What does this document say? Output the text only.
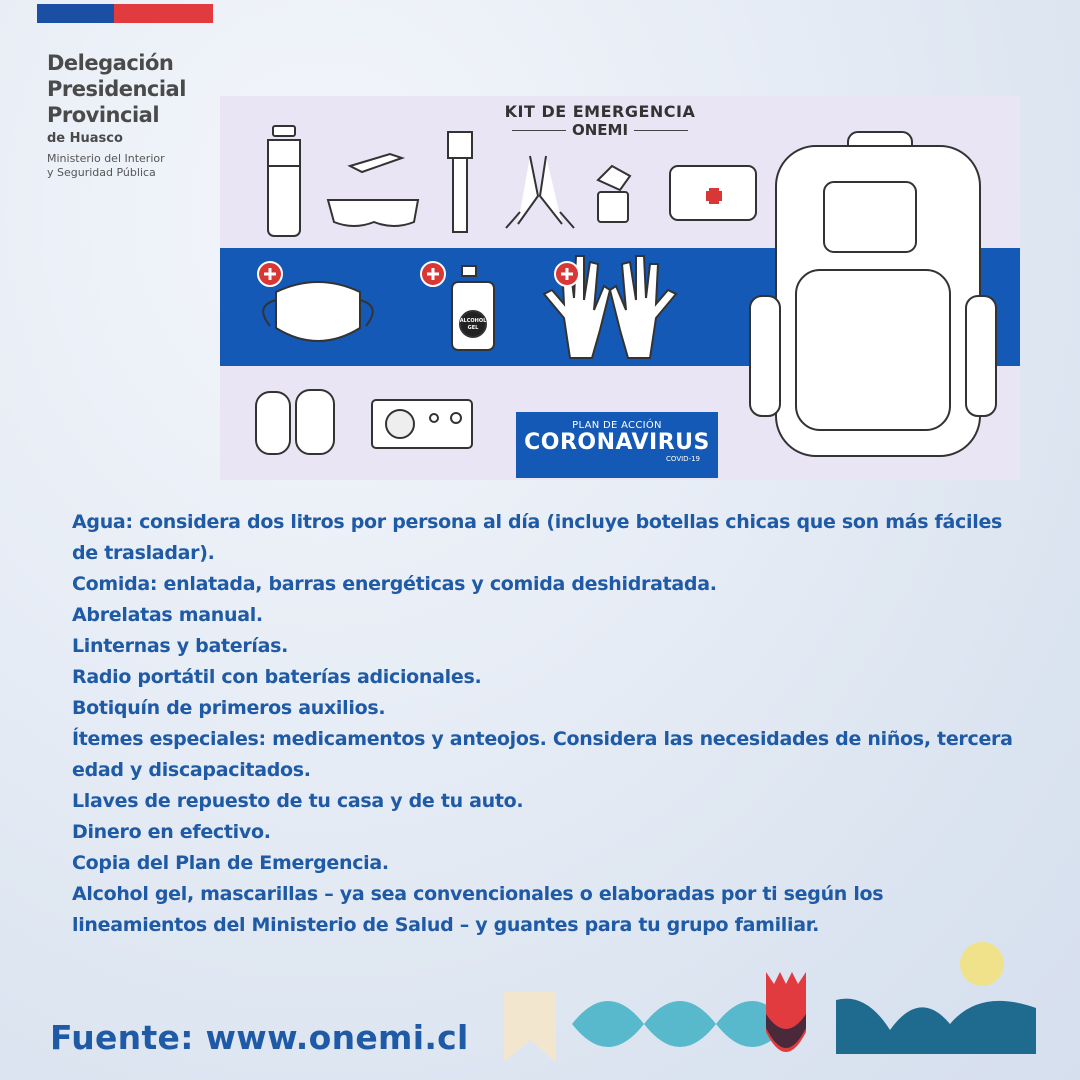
Delegación
Presidencial
Provincial
de Huasco
Ministerio del Interior
y Seguridad Pública
ALCOHOL
GEL
KIT DE EMERGENCIA
ONEMI
PLAN DE ACCIÓN
CORONAVIRUS
COVID-19

Agua: considera dos litros por persona al día (incluye botellas chicas que son más fáciles de trasladar).

Comida: enlatada, barras energéticas y comida deshidratada.

Abrelatas manual.

Linternas y baterías.

Radio portátil con baterías adicionales.

Botiquín de primeros auxilios.

Ítemes especiales: medicamentos y anteojos. Considera las necesidades de niños, tercera edad y discapacitados.

Llaves de repuesto de tu casa y de tu auto.

Dinero en efectivo.

Copia del Plan de Emergencia.

Alcohol gel, mascarillas – ya sea convencionales o elaboradas por ti según los lineamientos del Ministerio de Salud – y guantes para tu grupo familiar.

Fuente: www.onemi.cl
